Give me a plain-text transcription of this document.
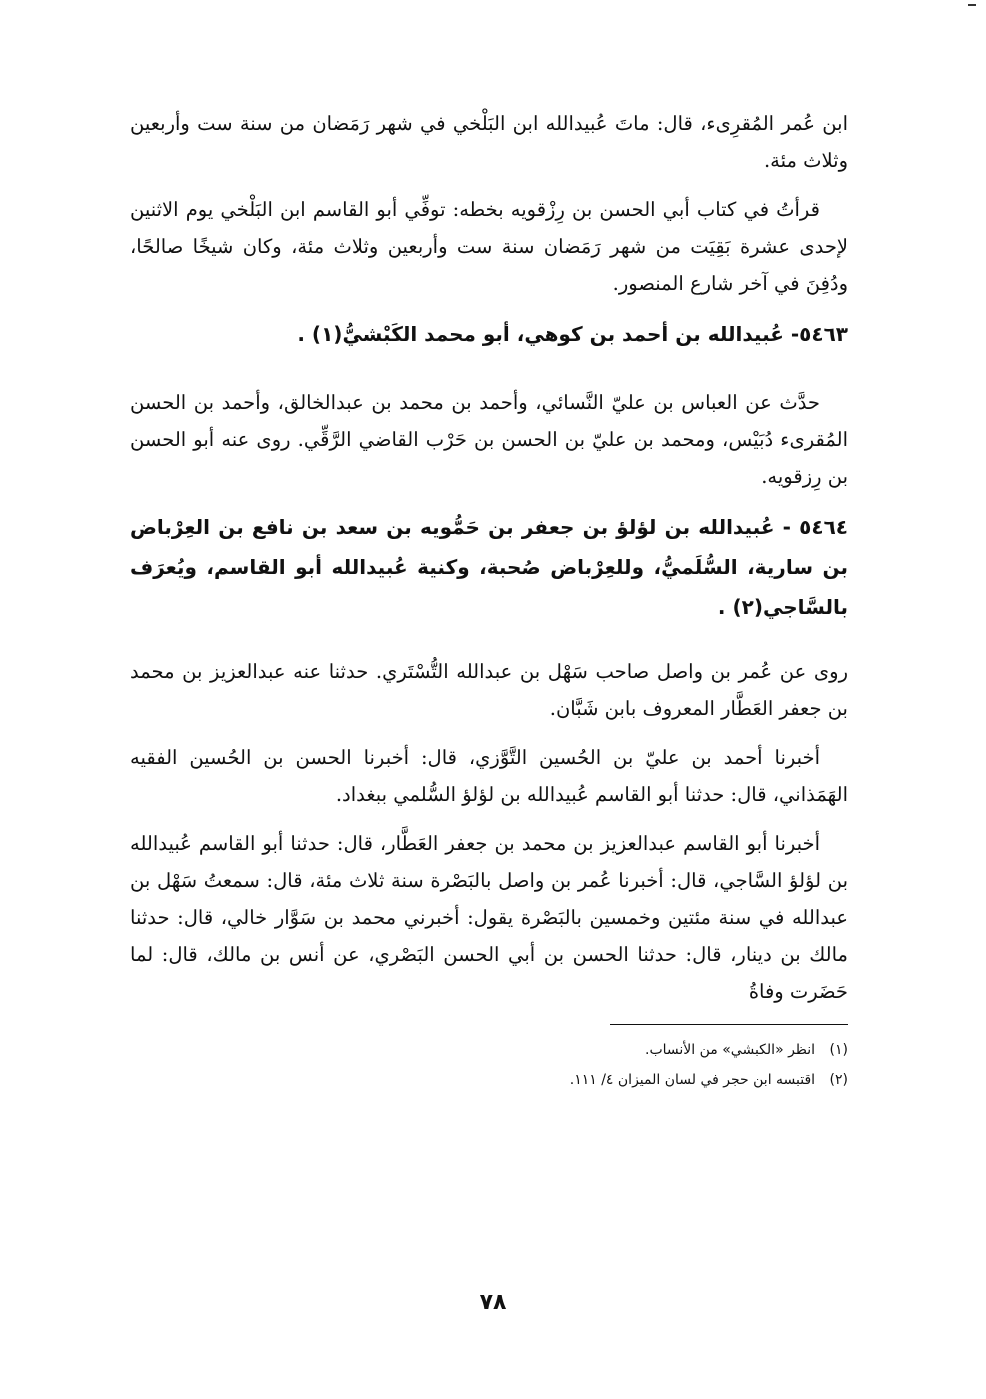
ابن عُمر المُقرِىء، قال: ماتَ عُبيدالله ابن البَلْخي في شهر رَمَضان من سنة ست وأربعين وثلاث مئة.

قرأتُ في كتاب أبي الحسن بن رِزْقويه بخطه: توفِّي أبو القاسم ابن البَلْخي يوم الاثنين لإحدى عشرة بَقِيَت من شهر رَمَضان سنة ست وأربعين وثلاث مئة، وكان شيخًا صالحًا، ودُفِنَ في آخر شارع المنصور.

٥٤٦٣- عُبيدالله بن أحمد بن كوهي، أبو محمد الكَبْشيُّ(١) .

حدَّث عن العباس بن عليّ النَّسائي، وأحمد بن محمد بن عبدالخالق، وأحمد بن الحسن المُقرىء دُبَيْس، ومحمد بن عليّ بن الحسن بن حَرْب القاضي الرَّقِّي. روى عنه أبو الحسن بن رِزقويه.

٥٤٦٤ - عُبيدالله بن لؤلؤ بن جعفر بن حَمُّويه بن سعد بن نافع بن العِرْباض بن سارية، السُّلَميُّ، وللعِرْباض صُحبة، وكنية عُبيدالله أبو القاسم، ويُعرَف بالسَّاجي(٢) .

روى عن عُمر بن واصل صاحب سَهْل بن عبدالله التُّسْتَري. حدثنا عنه عبدالعزيز بن محمد بن جعفر العَطَّار المعروف بابن شَبَّان.

أخبرنا أحمد بن عليّ بن الحُسين التَّوَّزي، قال: أخبرنا الحسن بن الحُسين الفقيه الهَمَذاني، قال: حدثنا أبو القاسم عُبيدالله بن لؤلؤ السُّلمي ببغداد.

أخبرنا أبو القاسم عبدالعزيز بن محمد بن جعفر العَطَّار، قال: حدثنا أبو القاسم عُبيدالله بن لؤلؤ السَّاجي، قال: أخبرنا عُمر بن واصل بالبَصْرة سنة ثلاث مئة، قال: سمعتُ سَهْل بن عبدالله في سنة مئتين وخمسين بالبَصْرة يقول: أخبرني محمد بن سَوَّار خالي، قال: حدثنا مالك بن دينار، قال: حدثنا الحسن بن أبي الحسن البَصْري، عن أنس بن مالك، قال: لما حَضَرت وفاةُ

(١) انظر «الكبشي» من الأنساب.
(٢) اقتبسه ابن حجر في لسان الميزان ٤/ ١١١.
٧٨
